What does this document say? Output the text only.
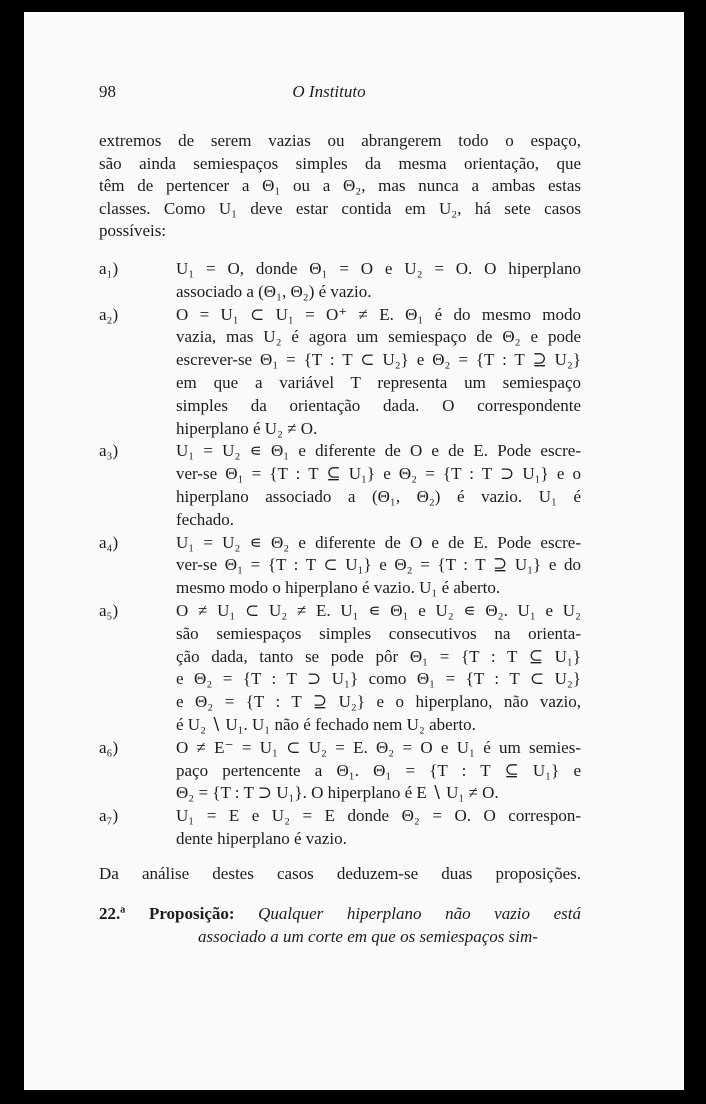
98	O Instituto
extremos de serem vazias ou abrangerem todo o espaço,
são ainda semiespaços simples da mesma orientação, que
têm de pertencer a Θ₁ ou a Θ₂, mas nunca a ambas estas
classes. Como U₁ deve estar contida em U₂, há sete casos
possíveis:
a₁)	U₁ = O, donde Θ₁ = O e U₂ = O. O hiperplano
associado a (Θ₁, Θ₂) é vazio.
a₂)	O = U₁ ⊂ U₁ = O⁺ ≠ E. Θ₁ é do mesmo modo
vazia, mas U₂ é agora um semiespaço de Θ₂ e pode
escrever-se Θ₁ = {T : T ⊂ U₂} e Θ₂ = {T : T ⊇ U₂}
em que a variável T representa um semiespaço
simples da orientação dada. O correspondente
hiperplano é U₂ ≠ O.
a₃)	U₁ = U₂ ∊ Θ₁ e diferente de O e de E. Pode escre-
ver-se Θ₁ = {T : T ⊆ U₁} e Θ₂ = {T : T ⊃ U₁} e o
hiperplano associado a (Θ₁, Θ₂) é vazio. U₁ é
fechado.
a₄)	U₁ = U₂ ∊ Θ₂ e diferente de O e de E. Pode escre-
ver-se Θ₁ = {T : T ⊂ U₁} e Θ₂ = {T : T ⊇ U₁} e do
mesmo modo o hiperplano é vazio. U₁ é aberto.
a₅)	O ≠ U₁ ⊂ U₂ ≠ E. U₁ ∊ Θ₁ e U₂ ∊ Θ₂. U₁ e U₂
são semiespaços simples consecutivos na orienta-
ção dada, tanto se pode pôr Θ₁ = {T : T ⊆ U₁}
e Θ₂ = {T : T ⊃ U₁} como Θ₁ = {T : T ⊂ U₂}
e Θ₂ = {T : T ⊇ U₂} e o hiperplano, não vazio,
é U₂ ∖ U₁. U₁ não é fechado nem U₂ aberto.
a₆)	O ≠ E⁻ = U₁ ⊂ U₂ = E. Θ₂ = O e U₁ é um semies-
paço pertencente a Θ₁. Θ₁ = {T : T ⊆ U₁} e
Θ₂ = {T : T ⊃ U₁}. O hiperplano é E ∖ U₁ ≠ O.
a₇)	U₁ = E e U₂ = E donde Θ₂ = O. O correspon-
dente hiperplano é vazio.
Da análise destes casos deduzem-se duas proposições.
22.ª Proposição: Qualquer hiperplano não vazio está
associado a um corte em que os semiespaços sim-
